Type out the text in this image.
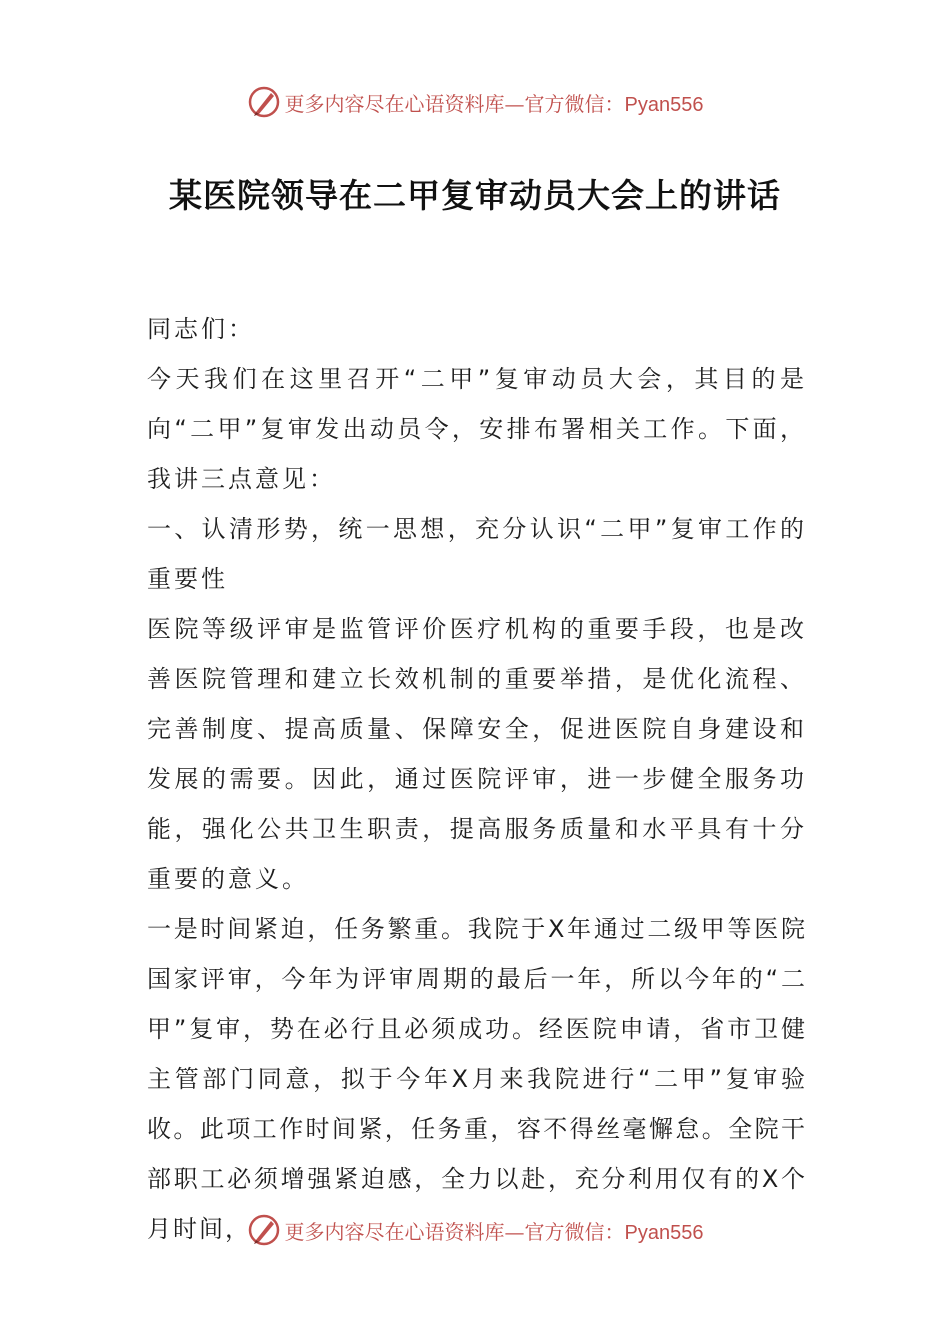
更多内容尽在心语资料库—官方微信：Pyan556
某医院领导在二甲复审动员大会上的讲话

同志们：

今天我们在这里召开“二甲”复审动员大会，其目的是向“二甲”复审发出动员令，安排布署相关工作。下面，我讲三点意见：

一、认清形势，统一思想，充分认识“二甲”复审工作的重要性

医院等级评审是监管评价医疗机构的重要手段，也是改善医院管理和建立长效机制的重要举措，是优化流程、完善制度、提高质量、保障安全，促进医院自身建设和发展的需要。因此，通过医院评审，进一步健全服务功能，强化公共卫生职责，提高服务质量和水平具有十分重要的意义。

一是时间紧迫，任务繁重。我院于X年通过二级甲等医院国家评审，今年为评审周期的最后一年，所以今年的“二甲”复审，势在必行且必须成功。经医院申请，省市卫健主管部门同意，拟于今年X月来我院进行“二甲”复审验收。此项工作时间紧，任务重，容不得丝毫懈怠。全院干部职工必须增强紧迫感，全力以赴，充分利用仅有的X个月时间，	更多内容尽在心语资料库—官方微信：Pyan556
